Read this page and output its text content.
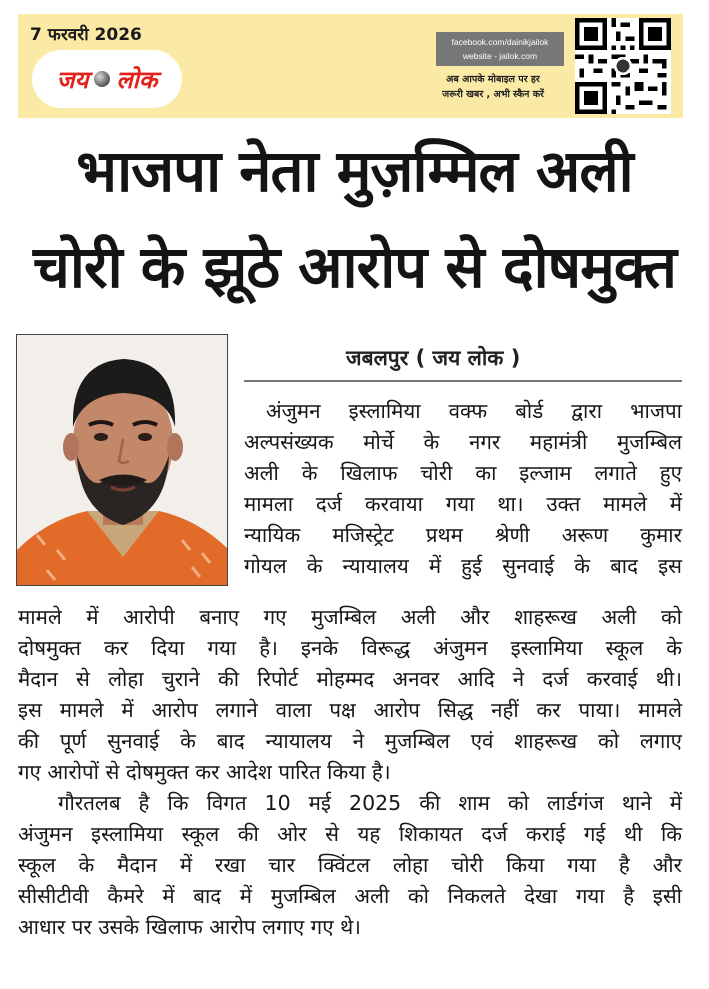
7 फरवरी 2026
जय लोक
facebook.com/dainikjailok
website - jailok.com
अब आपके मोबाइल पर हर
जरूरी खबर , अभी स्कैन करें
भाजपा नेता मुज़म्मिल अली
चोरी के झूठे आरोप से दोषमुक्त
जबलपुर ( जय लोक )
अंजुमन इस्लामिया वक्फ बोर्ड द्वारा भाजपा
अल्पसंख्यक मोर्चे के नगर महामंत्री मुजम्बिल
अली के खिलाफ चोरी का इल्जाम लगाते हुए
मामला दर्ज करवाया गया था। उक्त मामले में
न्यायिक मजिस्ट्रेट प्रथम श्रेणी अरूण कुमार
गोयल के न्यायालय में हुई सुनवाई के बाद इस
मामले में आरोपी बनाए गए मुजम्बिल अली और शाहरूख अली को
दोषमुक्त कर दिया गया है। इनके विरूद्ध अंजुमन इस्लामिया स्कूल के
मैदान से लोहा चुराने की रिपोर्ट मोहम्मद अनवर आदि ने दर्ज करवाई थी।
इस मामले में आरोप लगाने वाला पक्ष आरोप सिद्ध नहीं कर पाया। मामले
की पूर्ण सुनवाई के बाद न्यायालय ने मुजम्बिल एवं शाहरूख को लगाए
गए आरोपों से दोषमुक्त कर आदेश पारित किया है।
गौरतलब है कि विगत 10 मई 2025 की शाम को लार्डगंज थाने में
अंजुमन इस्लामिया स्कूल की ओर से यह शिकायत दर्ज कराई गई थी कि
स्कूल के मैदान में रखा चार क्विंटल लोहा चोरी किया गया है और
सीसीटीवी कैमरे में बाद में मुजम्बिल अली को निकलते देखा गया है इसी
आधार पर उसके खिलाफ आरोप लगाए गए थे।
